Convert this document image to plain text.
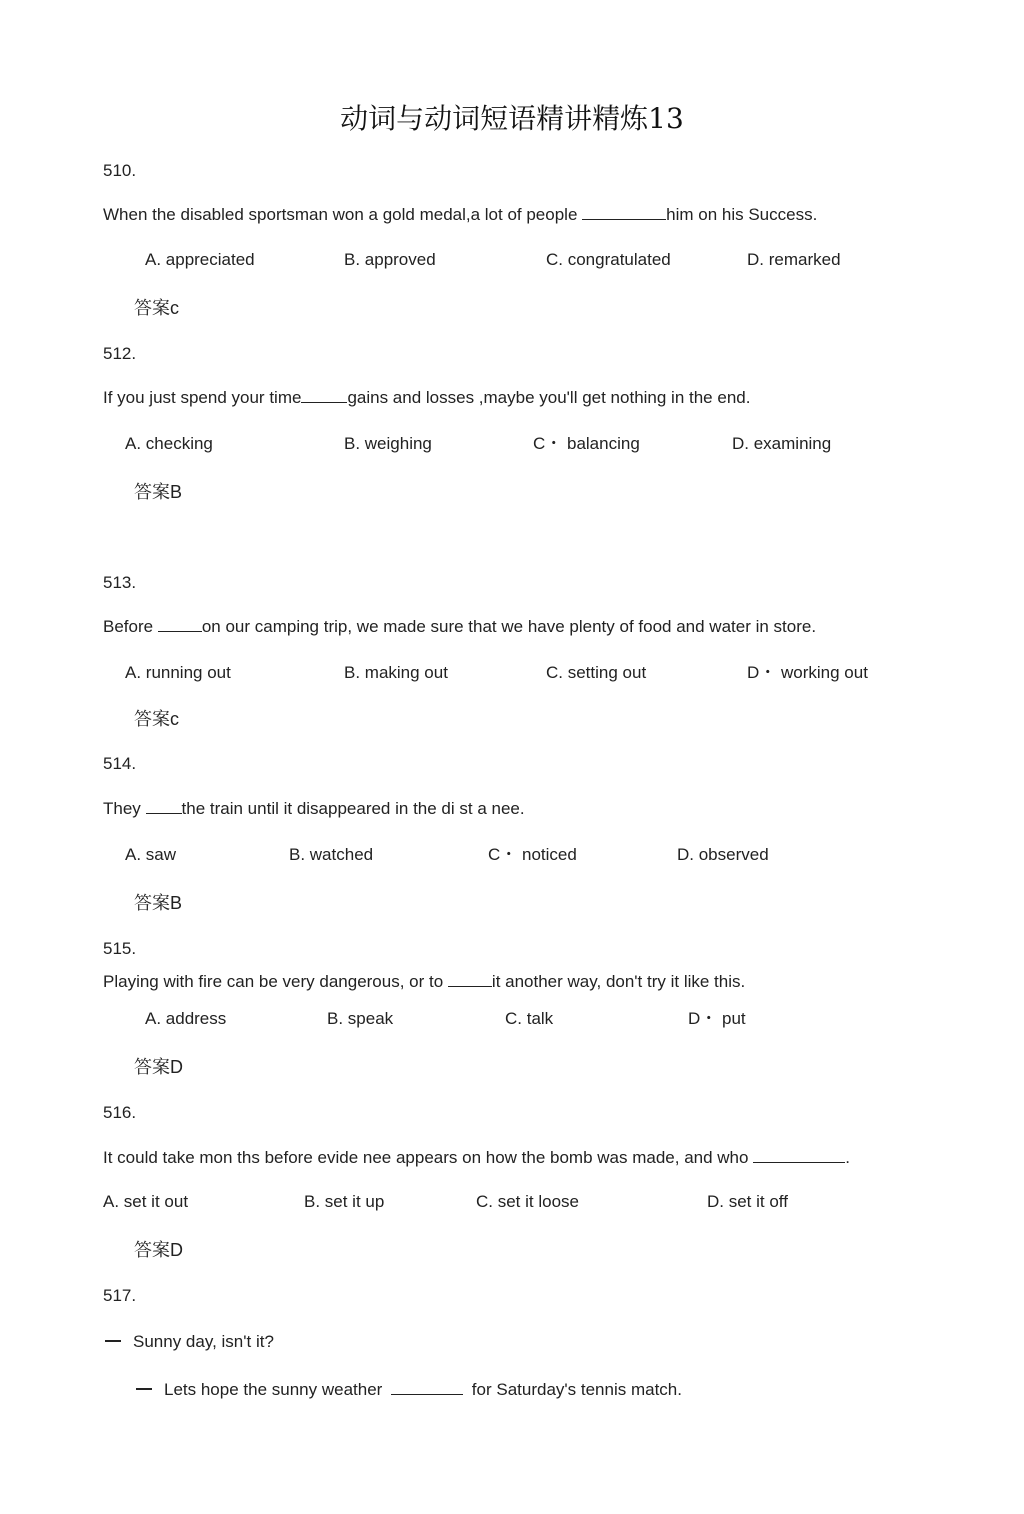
动词与动词短语精讲精炼13
510.
When the disabled sportsman won a gold medal,a lot of people	him on his Success.
A. appreciated	B. approved	C. congratulated	D. remarked
答案c
512.
If you just spend your time	gains and losses ,maybe you'll get nothing in the end.
A. checking	B. weighing	C・ balancing	D. examining
答案B
513.
Before	on our camping trip, we made sure that we have plenty of food and water in store.
A. running out	B. making out	C. setting out	D・ working out
答案c
514.
They the train until it disappeared in the di st a nee.
A. saw	B. watched	C・ noticed	D. observed
答案B
515.
Playing with fire can be very dangerous, or to	it another way, don't try it like this.
A. address	B. speak	C. talk	D・ put
答案D
516.
It could take mon ths before evide nee appears on how the bomb was made, and who	.
A. set it out	B. set it up	C. set it loose	D. set it off
答案D
517.
Sunny day, isn't it?
Lets hope the sunny weather	for Saturday's tennis match.
